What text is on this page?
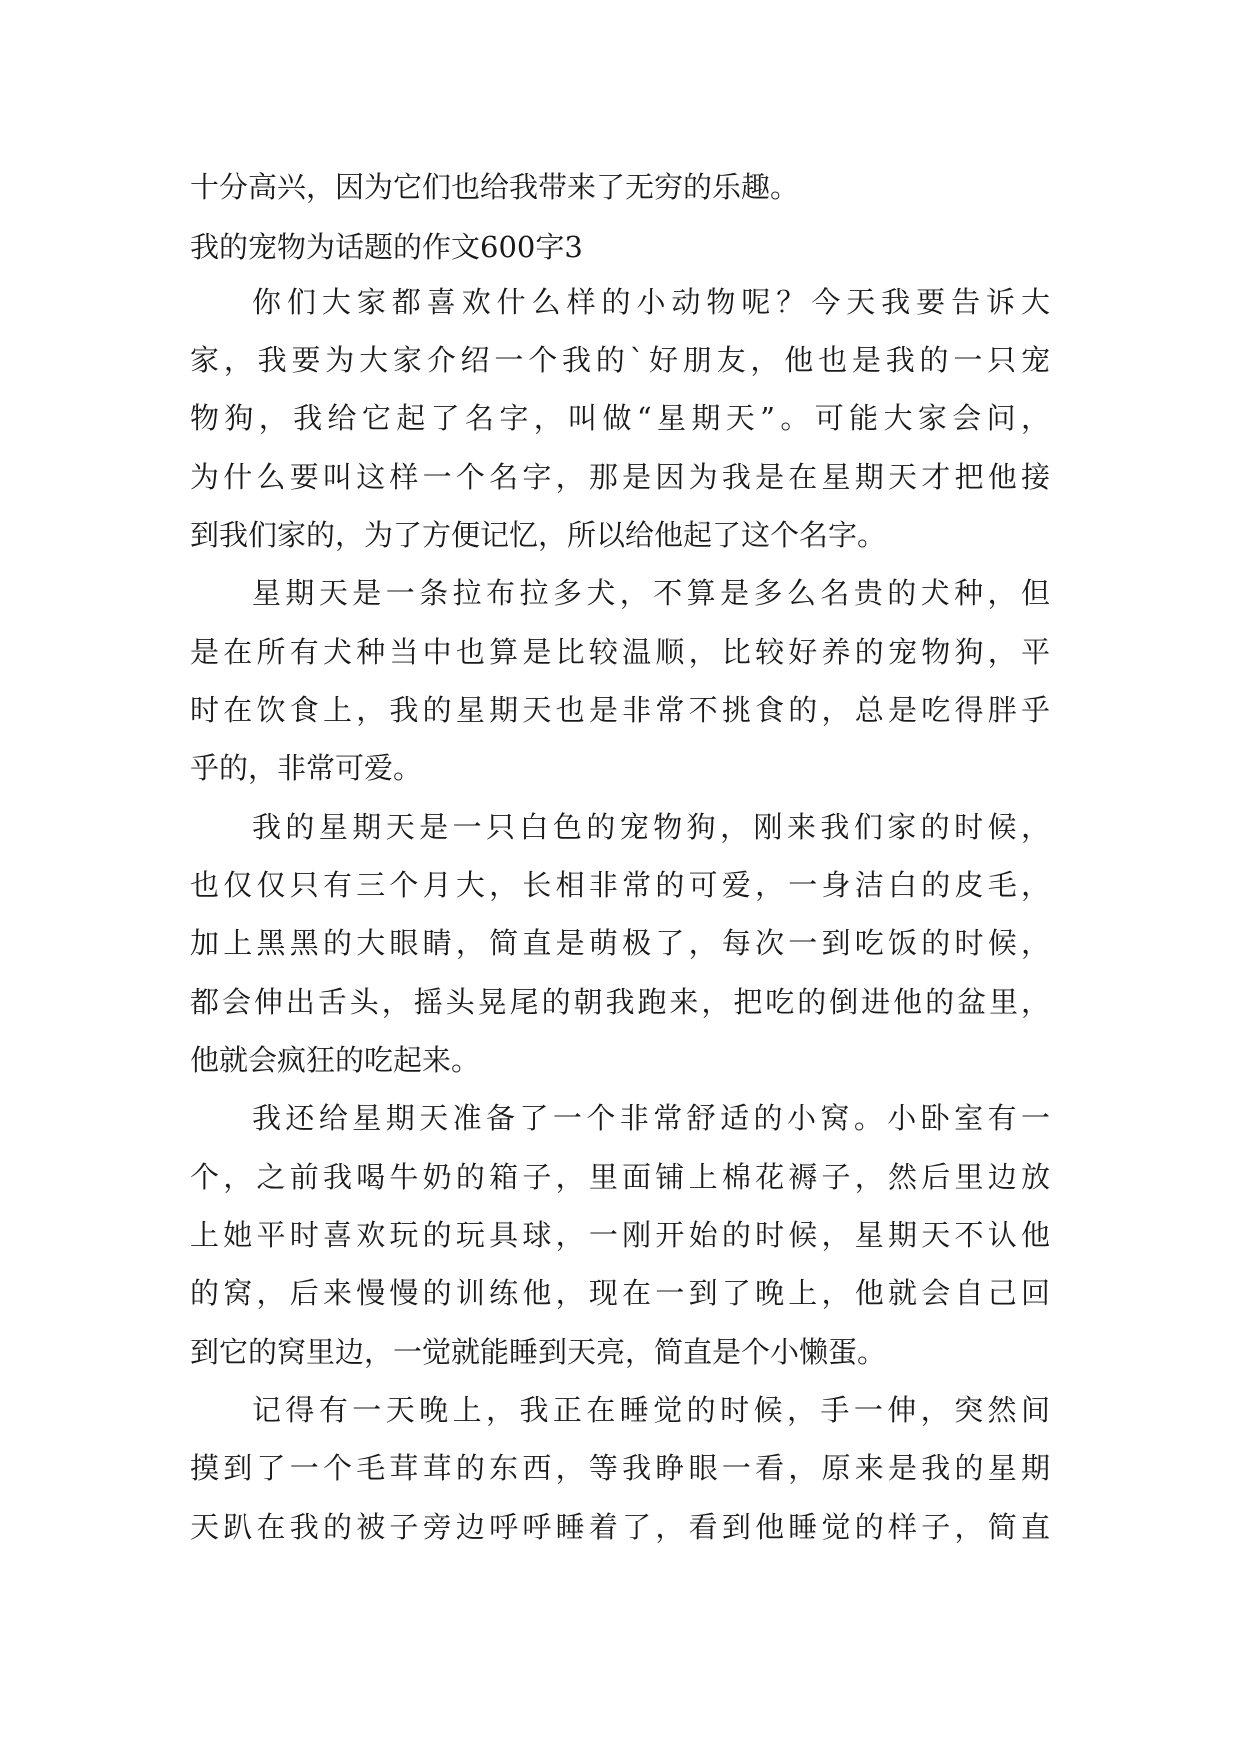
十分高兴，因为它们也给我带来了无穷的乐趣。
我的宠物为话题的作文600字3
你们大家都喜欢什么样的小动物呢？今天我要告诉大
家，我要为大家介绍一个我的`好朋友，他也是我的一只宠
物狗，我给它起了名字，叫做“星期天”。可能大家会问，
为什么要叫这样一个名字，那是因为我是在星期天才把他接
到我们家的，为了方便记忆，所以给他起了这个名字。
星期天是一条拉布拉多犬，不算是多么名贵的犬种，但
是在所有犬种当中也算是比较温顺，比较好养的宠物狗，平
时在饮食上，我的星期天也是非常不挑食的，总是吃得胖乎
乎的，非常可爱。
我的星期天是一只白色的宠物狗，刚来我们家的时候，
也仅仅只有三个月大，长相非常的可爱，一身洁白的皮毛，
加上黑黑的大眼睛，简直是萌极了，每次一到吃饭的时候，
都会伸出舌头，摇头晃尾的朝我跑来，把吃的倒进他的盆里，
他就会疯狂的吃起来。
我还给星期天准备了一个非常舒适的小窝。小卧室有一
个，之前我喝牛奶的箱子，里面铺上棉花褥子，然后里边放
上她平时喜欢玩的玩具球，一刚开始的时候，星期天不认他
的窝，后来慢慢的训练他，现在一到了晚上，他就会自己回
到它的窝里边，一觉就能睡到天亮，简直是个小懒蛋。
记得有一天晚上，我正在睡觉的时候，手一伸，突然间
摸到了一个毛茸茸的东西，等我睁眼一看，原来是我的星期
天趴在我的被子旁边呼呼睡着了，看到他睡觉的样子，简直
